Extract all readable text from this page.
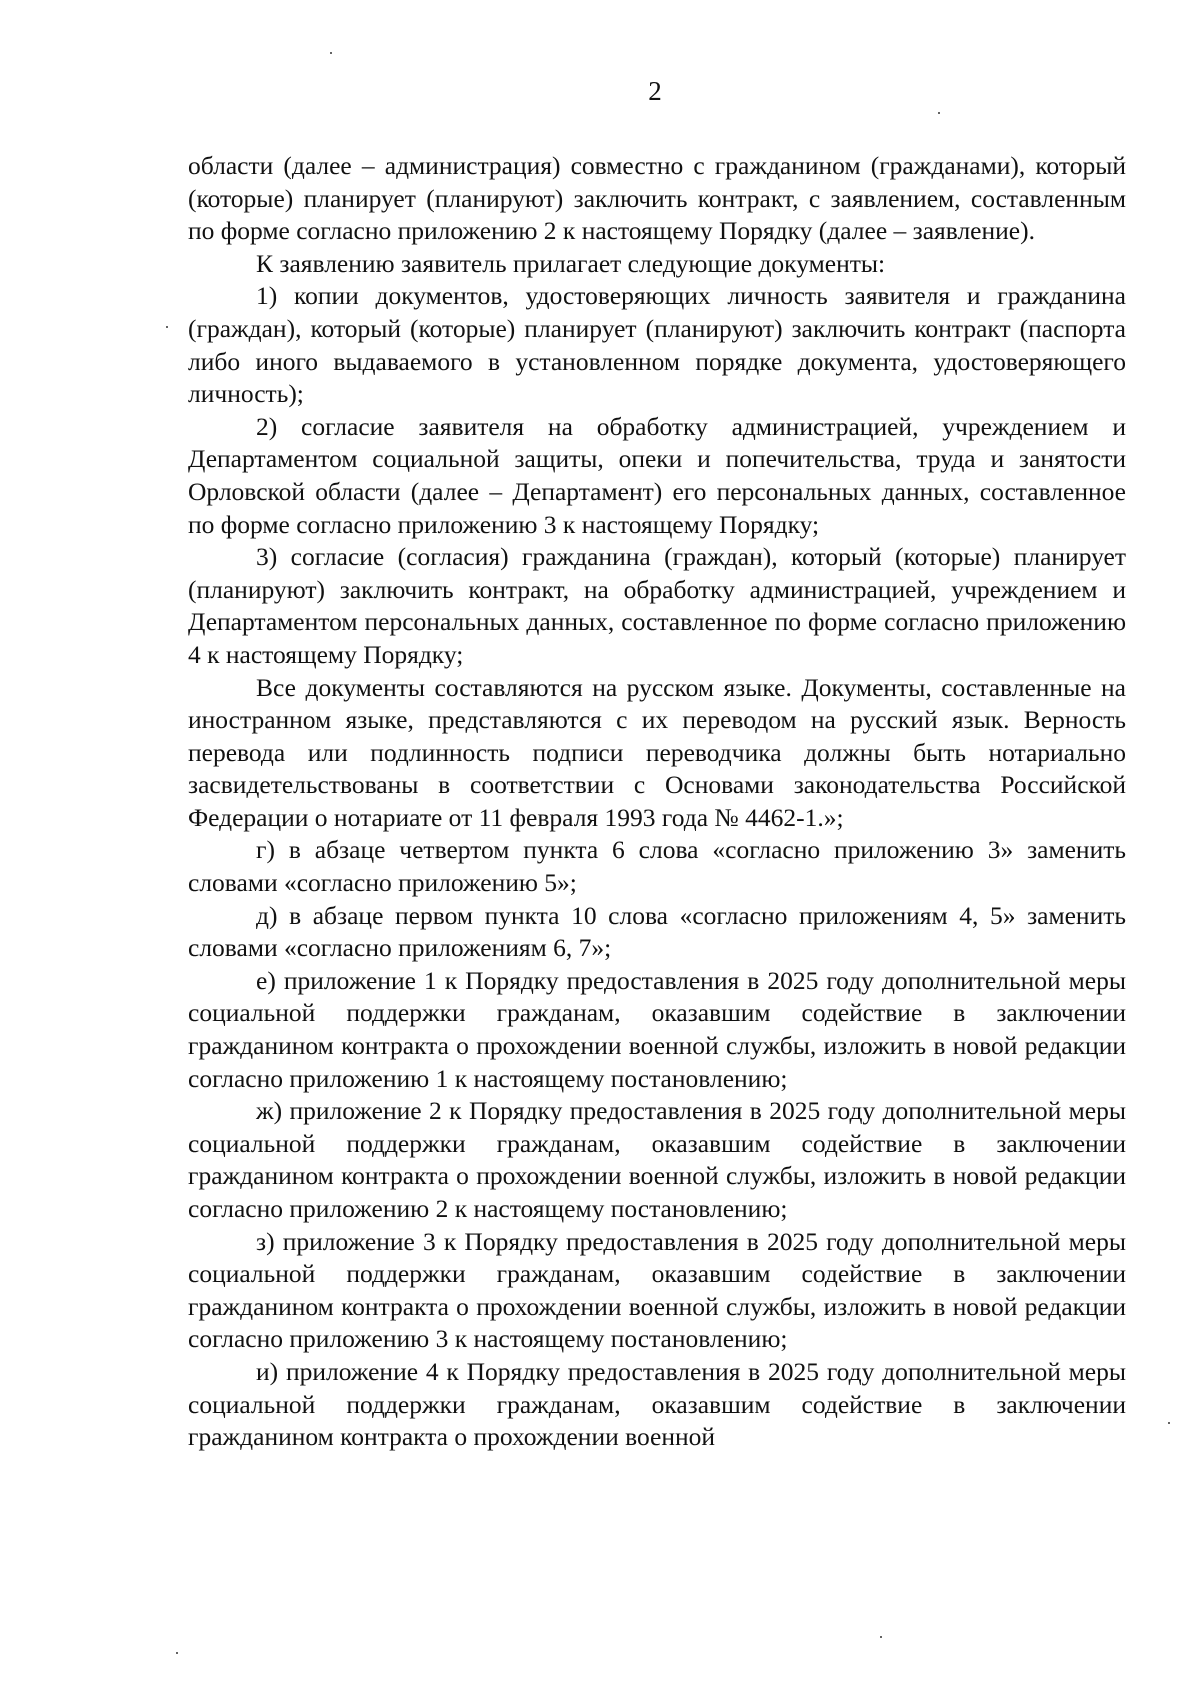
2

области (далее – администрация) совместно с гражданином (гражданами), который (которые) планирует (планируют) заключить контракт, с заявлением, составленным по форме согласно приложению 2 к настоящему Порядку (далее – заявление).

К заявлению заявитель прилагает следующие документы:

1) копии документов, удостоверяющих личность заявителя и гражданина (граждан), который (которые) планирует (планируют) заключить контракт (паспорта либо иного выдаваемого в установленном порядке документа, удостоверяющего личность);

2) согласие заявителя на обработку администрацией, учреждением и Департаментом социальной защиты, опеки и попечительства, труда и занятости Орловской области (далее – Департамент) его персональных данных, составленное по форме согласно приложению 3 к настоящему Порядку;

3) согласие (согласия) гражданина (граждан), который (которые) планирует (планируют) заключить контракт, на обработку администрацией, учреждением и Департаментом персональных данных, составленное по форме согласно приложению 4 к настоящему Порядку;

Все документы составляются на русском языке. Документы, составленные на иностранном языке, представляются с их переводом на русский язык. Верность перевода или подлинность подписи переводчика должны быть нотариально засвидетельствованы в соответствии с Основами законодательства Российской Федерации о нотариате от 11 февраля 1993 года № 4462-1.»;

г) в абзаце четвертом пункта 6 слова «согласно приложению 3» заменить словами «согласно приложению 5»;

д) в абзаце первом пункта 10 слова «согласно приложениям 4, 5» заменить словами «согласно приложениям 6, 7»;

е) приложение 1 к Порядку предоставления в 2025 году дополнительной меры социальной поддержки гражданам, оказавшим содействие в заключении гражданином контракта о прохождении военной службы, изложить в новой редакции согласно приложению 1 к настоящему постановлению;

ж) приложение 2 к Порядку предоставления в 2025 году дополнительной меры социальной поддержки гражданам, оказавшим содействие в заключении гражданином контракта о прохождении военной службы, изложить в новой редакции согласно приложению 2 к настоящему постановлению;

з) приложение 3 к Порядку предоставления в 2025 году дополнительной меры социальной поддержки гражданам, оказавшим содействие в заключении гражданином контракта о прохождении военной службы, изложить в новой редакции согласно приложению 3 к настоящему постановлению;

и) приложение 4 к Порядку предоставления в 2025 году дополнительной меры социальной поддержки гражданам, оказавшим содействие в заключении гражданином контракта о прохождении военной
